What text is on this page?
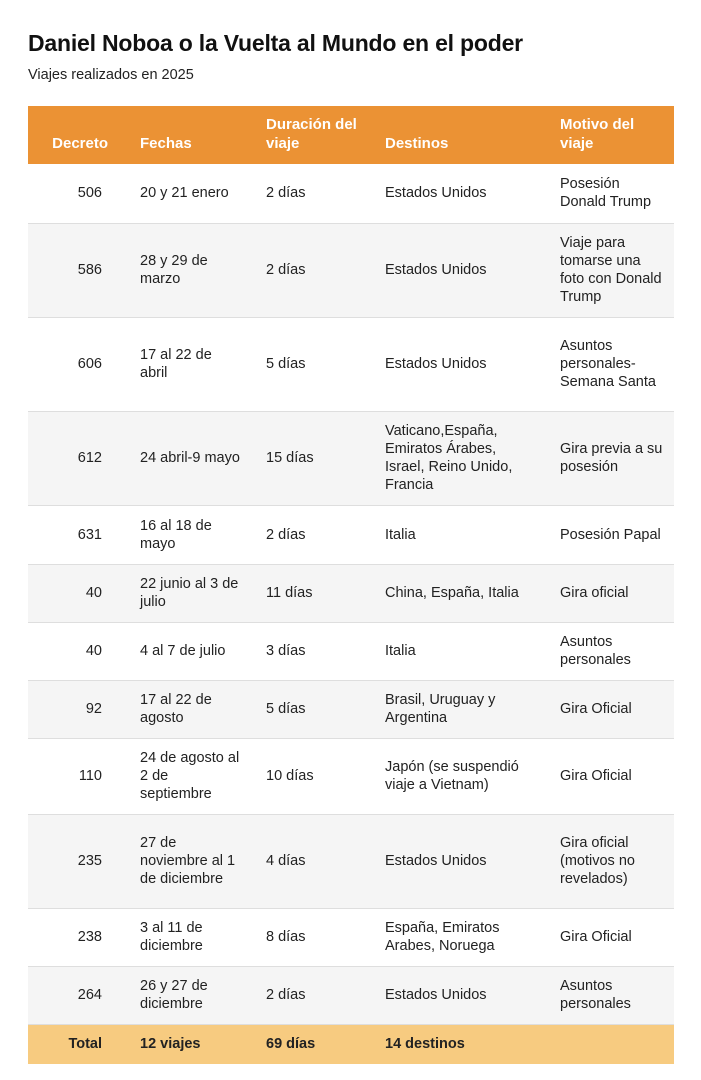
Daniel Noboa o la Vuelta al Mundo en el poder
Viajes realizados en 2025
Decreto	Fechas	Duración del viaje	Destinos	Motivo del viaje
506	20 y 21 enero	2 días	Estados Unidos	Posesión Donald Trump
586	28 y 29 de marzo	2 días	Estados Unidos	Viaje para tomarse una foto con Donald Trump
606	17 al 22 de abril	5 días	Estados Unidos	Asuntos personales-Semana Santa
612	24 abril-9 mayo	15 días	Vaticano,España, Emiratos Árabes, Israel, Reino Unido, Francia	Gira previa a su posesión
631	16 al 18 de mayo	2 días	Italia	Posesión Papal
40	22 junio al 3 de julio	11 días	China, España, Italia	Gira oficial
40	4 al 7 de julio	3 días	Italia	Asuntos personales
92	17 al 22 de agosto	5 días	Brasil, Uruguay y Argentina	Gira Oficial
110	24 de agosto al 2 de septiembre	10 días	Japón (se suspendió viaje a Vietnam)	Gira Oficial
235	27 de noviembre al 1 de diciembre	4 días	Estados Unidos	Gira oficial (motivos no revelados)
238	3 al 11 de diciembre	8 días	España, Emiratos Arabes, Noruega	Gira Oficial
264	26 y 27 de diciembre	2 días	Estados Unidos	Asuntos personales
Total	12 viajes	69 días	14 destinos	
